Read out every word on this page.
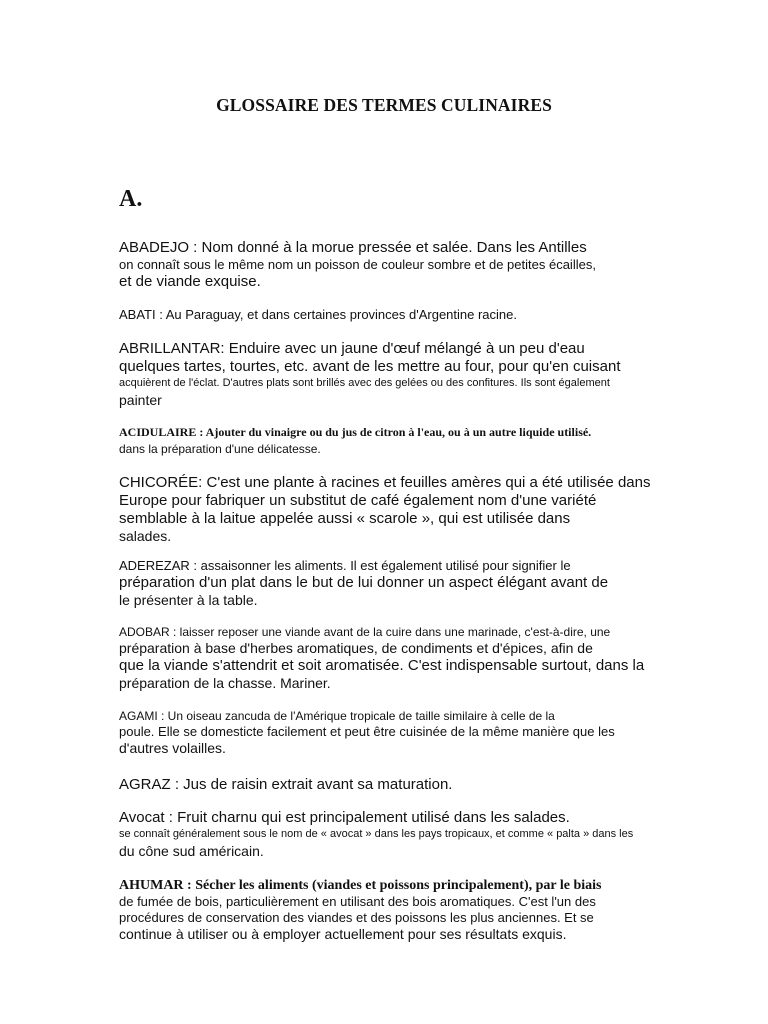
GLOSSAIRE DES TERMES CULINAIRES
A.
ABADEJO : Nom donné à la morue pressée et salée. Dans les Antilles
on connaît sous le même nom un poisson de couleur sombre et de petites écailles,
et de viande exquise.
ABATI : Au Paraguay, et dans certaines provinces d'Argentine racine.
ABRILLANTAR: Enduire avec un jaune d'œuf mélangé à un peu d'eau
quelques tartes, tourtes, etc. avant de les mettre au four, pour qu'en cuisant
acquièrent de l'éclat. D'autres plats sont brillés avec des gelées ou des confitures. Ils sont également
painter
ACIDULAIRE : Ajouter du vinaigre ou du jus de citron à l'eau, ou à un autre liquide utilisé.
dans la préparation d'une délicatesse.
CHICORÉE: C'est une plante à racines et feuilles amères qui a été utilisée dans
Europe pour fabriquer un substitut de café également nom d'une variété
semblable à la laitue appelée aussi « scarole », qui est utilisée dans
salades.
ADEREZAR : assaisonner les aliments. Il est également utilisé pour signifier le
préparation d'un plat dans le but de lui donner un aspect élégant avant de
le présenter à la table.
ADOBAR : laisser reposer une viande avant de la cuire dans une marinade, c'est-à-dire, une
préparation à base d'herbes aromatiques, de condiments et d'épices, afin de
que la viande s'attendrit et soit aromatisée. C'est indispensable surtout, dans la
préparation de la chasse. Mariner.
AGAMI : Un oiseau zancuda de l'Amérique tropicale de taille similaire à celle de la
poule. Elle se domesticte facilement et peut être cuisinée de la même manière que les
d'autres volailles.
AGRAZ : Jus de raisin extrait avant sa maturation.
Avocat : Fruit charnu qui est principalement utilisé dans les salades.
se connaît généralement sous le nom de « avocat » dans les pays tropicaux, et comme « palta » dans les
du cône sud américain.
AHUMAR : Sécher les aliments (viandes et poissons principalement), par le biais
de fumée de bois, particulièrement en utilisant des bois aromatiques. C'est l'un des
procédures de conservation des viandes et des poissons les plus anciennes. Et se
continue à utiliser ou à employer actuellement pour ses résultats exquis.
